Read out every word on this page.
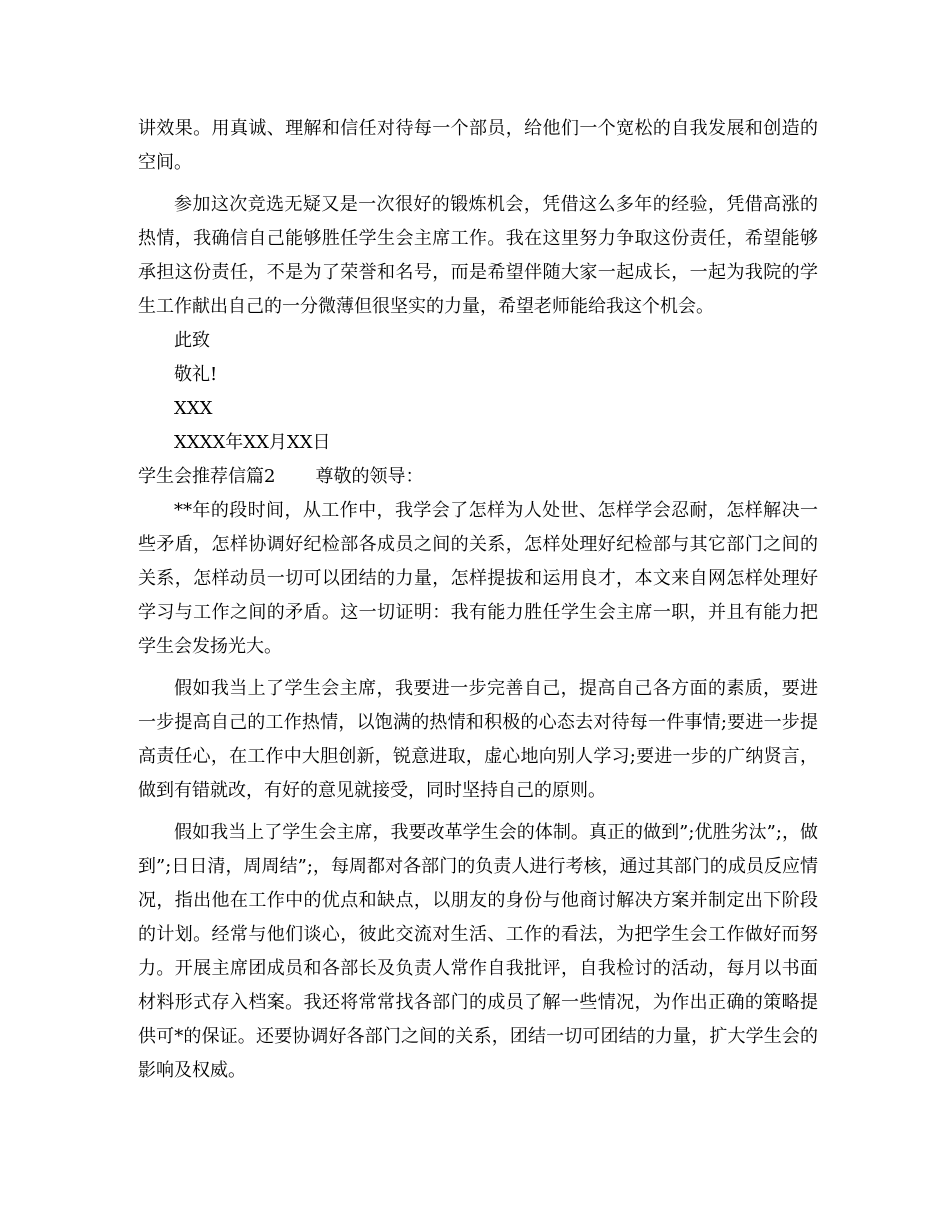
讲效果。用真诚、理解和信任对待每一个部员，给他们一个宽松的自我发展和创造的空间。

参加这次竞选无疑又是一次很好的锻炼机会，凭借这么多年的经验，凭借高涨的热情，我确信自己能够胜任学生会主席工作。我在这里努力争取这份责任，希望能够承担这份责任，不是为了荣誉和名号，而是希望伴随大家一起成长，一起为我院的学生工作献出自己的一分微薄但很坚实的力量，希望老师能给我这个机会。

此致

敬礼!

XXX

XXXX年XX月XX日

学生会推荐信篇2 尊敬的领导：

**年的段时间，从工作中，我学会了怎样为人处世、怎样学会忍耐，怎样解决一些矛盾，怎样协调好纪检部各成员之间的关系，怎样处理好纪检部与其它部门之间的关系，怎样动员一切可以团结的力量，怎样提拔和运用良才，本文来自网怎样处理好学习与工作之间的矛盾。这一切证明：我有能力胜任学生会主席一职，并且有能力把学生会发扬光大。

假如我当上了学生会主席，我要进一步完善自己，提高自己各方面的素质，要进一步提高自己的工作热情，以饱满的热情和积极的心态去对待每一件事情;要进一步提高责任心，在工作中大胆创新，锐意进取，虚心地向别人学习;要进一步的广纳贤言，做到有错就改，有好的意见就接受，同时坚持自己的原则。

假如我当上了学生会主席，我要改革学生会的体制。真正的做到”;优胜劣汰”;，做到”;日日清，周周结”;，每周都对各部门的负责人进行考核，通过其部门的成员反应情况，指出他在工作中的优点和缺点，以朋友的身份与他商讨解决方案并制定出下阶段的计划。经常与他们谈心，彼此交流对生活、工作的看法，为把学生会工作做好而努力。开展主席团成员和各部长及负责人常作自我批评，自我检讨的活动，每月以书面材料形式存入档案。我还将常常找各部门的成员了解一些情况，为作出正确的策略提供可*的保证。还要协调好各部门之间的关系，团结一切可团结的力量，扩大学生会的影响及权威。
